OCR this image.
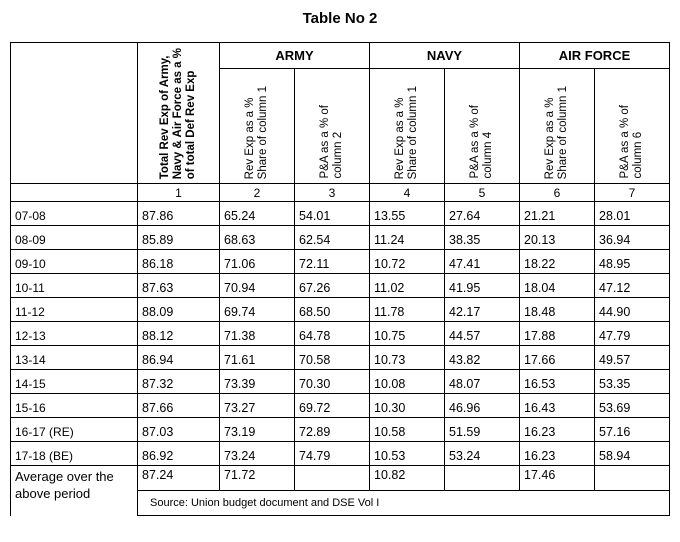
Table No 2

	Total Rev Exp of Army,
Navy & Air Force as a %
of total Def Rev Exp	ARMY		NAVY		AIR FORCE	

		Rev Exp as a %
Share of column 1	P&A as a % of
column 2	Rev Exp as a %
Share of column 1	P&A as a % of
column 4	Rev Exp as a %
Share of column 1	P&A as a % of
column 6

	1	2	3	4	5	6	7
07-08	87.86	65.24	54.01	13.55	27.64	21.21	28.01
08-09	85.89	68.63	62.54	11.24	38.35	20.13	36.94
09-10	86.18	71.06	72.11	10.72	47.41	18.22	48.95
10-11	87.63	70.94	67.26	11.02	41.95	18.04	47.12
11-12	88.09	69.74	68.50	11.78	42.17	18.48	44.90
12-13	88.12	71.38	64.78	10.75	44.57	17.88	47.79
13-14	86.94	71.61	70.58	10.73	43.82	17.66	49.57
14-15	87.32	73.39	70.30	10.08	48.07	16.53	53.35
15-16	87.66	73.27	69.72	10.30	46.96	16.43	53.69
16-17 (RE)	87.03	73.19	72.89	10.58	51.59	16.23	57.16
17-18 (BE)	86.92	73.24	74.79	10.53	53.24	16.23	58.94
Average over the above period	87.24	71.72		10.82		17.46	
	Source: Union budget document and DSE Vol I						
